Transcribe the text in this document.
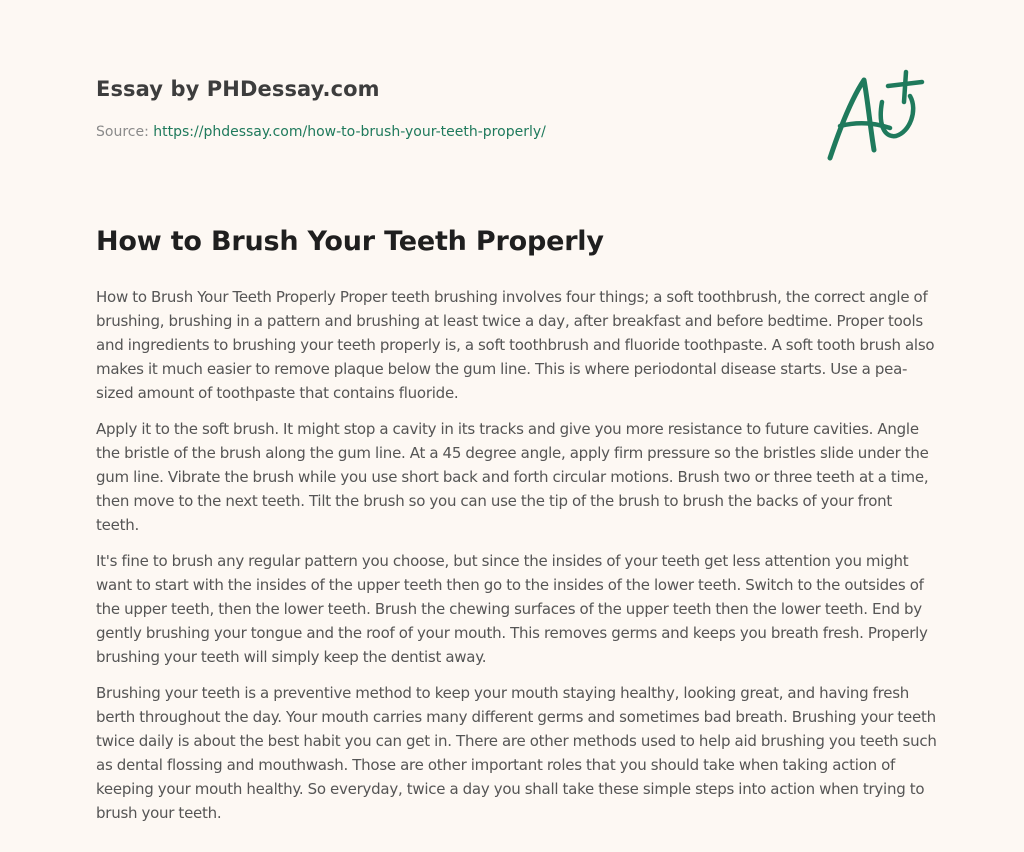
Essay by PHDessay.com

Source: https://phdessay.com/how-to-brush-your-teeth-properly/

How to Brush Your Teeth Properly

How to Brush Your Teeth Properly Proper teeth brushing involves four things; a soft toothbrush, the correct angle of brushing, brushing in a pattern and brushing at least twice a day, after breakfast and before bedtime. Proper tools and ingredients to brushing your teeth properly is, a soft toothbrush and fluoride toothpaste. A soft tooth brush also makes it much easier to remove plaque below the gum line. This is where periodontal disease starts. Use a pea-sized amount of toothpaste that contains fluoride.

Apply it to the soft brush. It might stop a cavity in its tracks and give you more resistance to future cavities. Angle the bristle of the brush along the gum line. At a 45 degree angle, apply firm pressure so the bristles slide under the gum line. Vibrate the brush while you use short back and forth circular motions. Brush two or three teeth at a time, then move to the next teeth. Tilt the brush so you can use the tip of the brush to brush the backs of your front teeth.

It's fine to brush any regular pattern you choose, but since the insides of your teeth get less attention you might want to start with the insides of the upper teeth then go to the insides of the lower teeth. Switch to the outsides of the upper teeth, then the lower teeth. Brush the chewing surfaces of the upper teeth then the lower teeth. End by gently brushing your tongue and the roof of your mouth. This removes germs and keeps you breath fresh. Properly brushing your teeth will simply keep the dentist away.

Brushing your teeth is a preventive method to keep your mouth staying healthy, looking great, and having fresh berth throughout the day. Your mouth carries many different germs and sometimes bad breath. Brushing your teeth twice daily is about the best habit you can get in. There are other methods used to help aid brushing you teeth such as dental flossing and mouthwash. Those are other important roles that you should take when taking action of keeping your mouth healthy. So everyday, twice a day you shall take these simple steps into action when trying to brush your teeth.
